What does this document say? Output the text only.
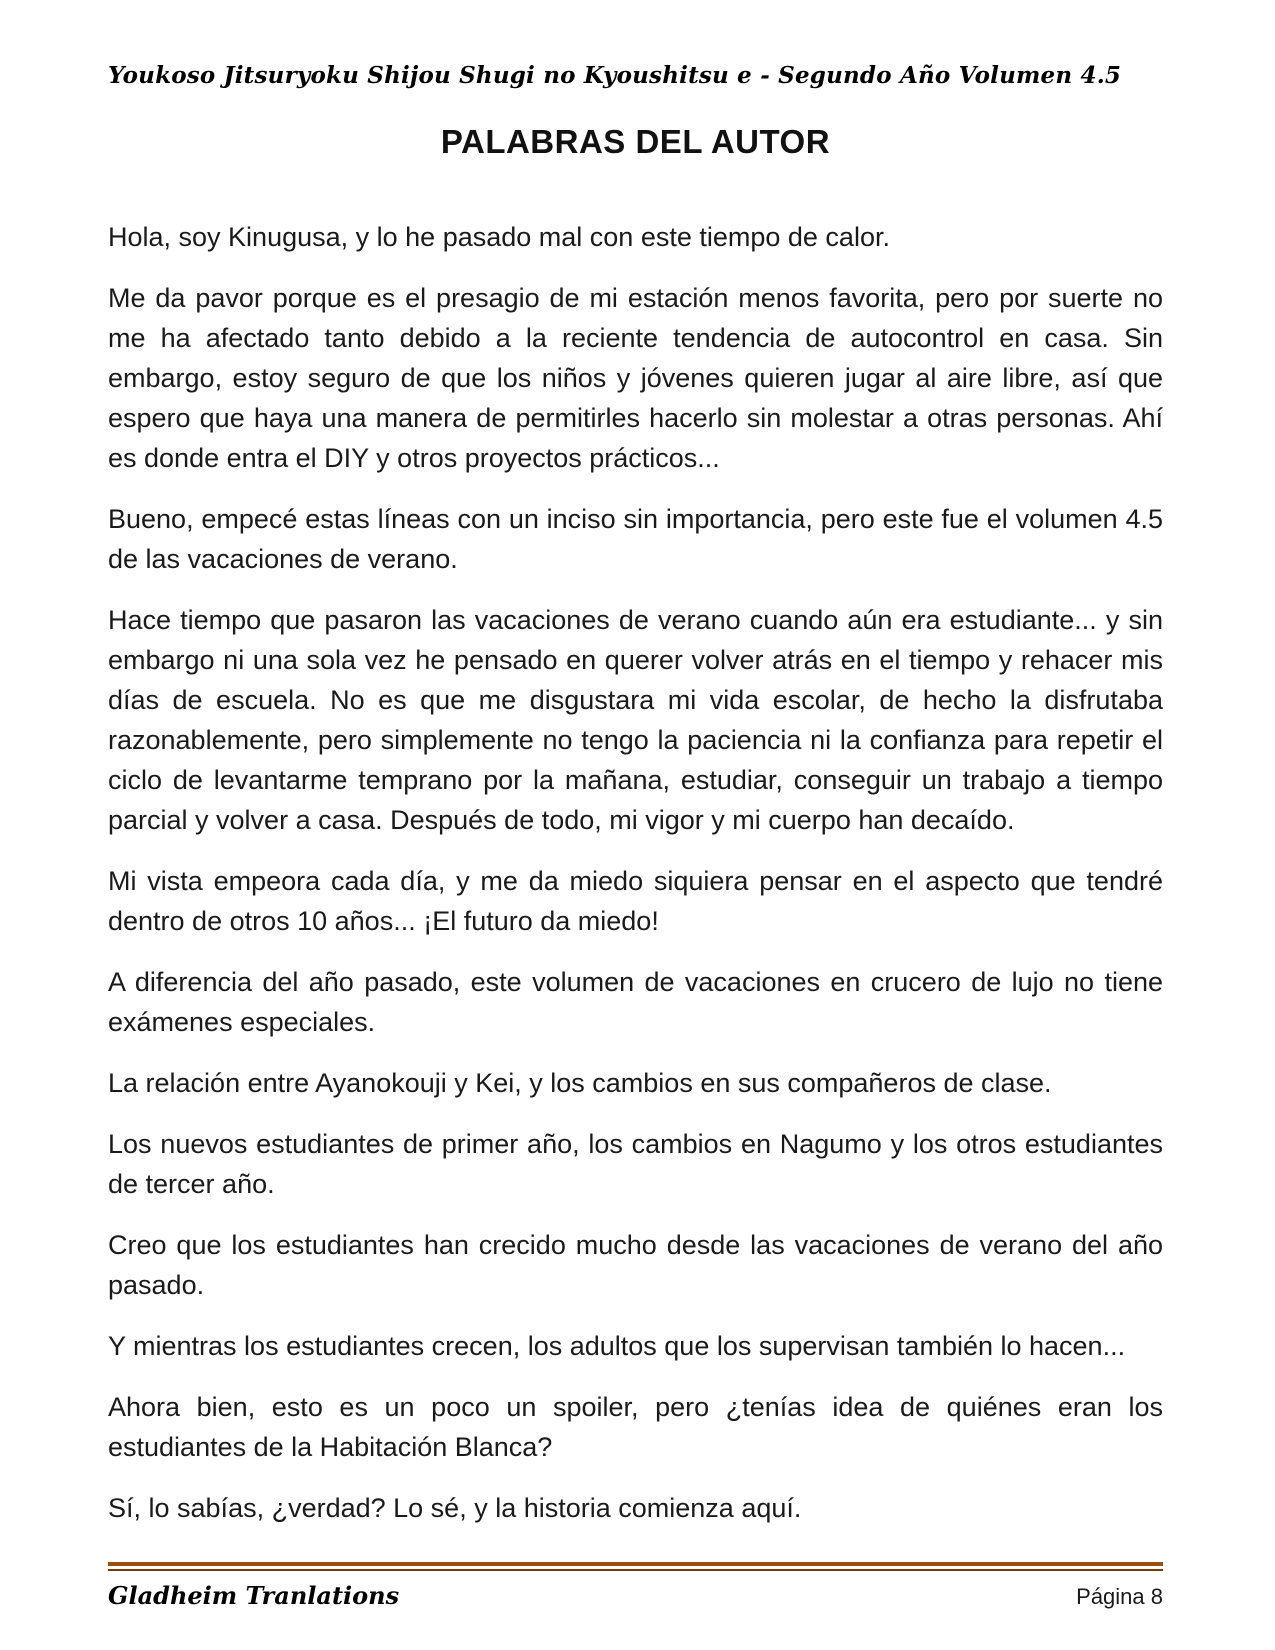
Youkoso Jitsuryoku Shijou Shugi no Kyoushitsu e - Segundo Año Volumen 4.5
PALABRAS DEL AUTOR

Hola, soy Kinugusa, y lo he pasado mal con este tiempo de calor.

Me da pavor porque es el presagio de mi estación menos favorita, pero por suerte no me ha afectado tanto debido a la reciente tendencia de autocontrol en casa. Sin embargo, estoy seguro de que los niños y jóvenes quieren jugar al aire libre, así que espero que haya una manera de permitirles hacerlo sin molestar a otras personas. Ahí es donde entra el DIY y otros proyectos prácticos...

Bueno, empecé estas líneas con un inciso sin importancia, pero este fue el volumen 4.5 de las vacaciones de verano.

Hace tiempo que pasaron las vacaciones de verano cuando aún era estudiante... y sin embargo ni una sola vez he pensado en querer volver atrás en el tiempo y rehacer mis días de escuela. No es que me disgustara mi vida escolar, de hecho la disfrutaba razonablemente, pero simplemente no tengo la paciencia ni la confianza para repetir el ciclo de levantarme temprano por la mañana, estudiar, conseguir un trabajo a tiempo parcial y volver a casa. Después de todo, mi vigor y mi cuerpo han decaído.

Mi vista empeora cada día, y me da miedo siquiera pensar en el aspecto que tendré dentro de otros 10 años... ¡El futuro da miedo!

A diferencia del año pasado, este volumen de vacaciones en crucero de lujo no tiene exámenes especiales.

La relación entre Ayanokouji y Kei, y los cambios en sus compañeros de clase.

Los nuevos estudiantes de primer año, los cambios en Nagumo y los otros estudiantes de tercer año.

Creo que los estudiantes han crecido mucho desde las vacaciones de verano del año pasado.

Y mientras los estudiantes crecen, los adultos que los supervisan también lo hacen...

Ahora bien, esto es un poco un spoiler, pero ¿tenías idea de quiénes eran los estudiantes de la Habitación Blanca?

Sí, lo sabías, ¿verdad? Lo sé, y la historia comienza aquí.

Gladheim Tranlations	Página 8
